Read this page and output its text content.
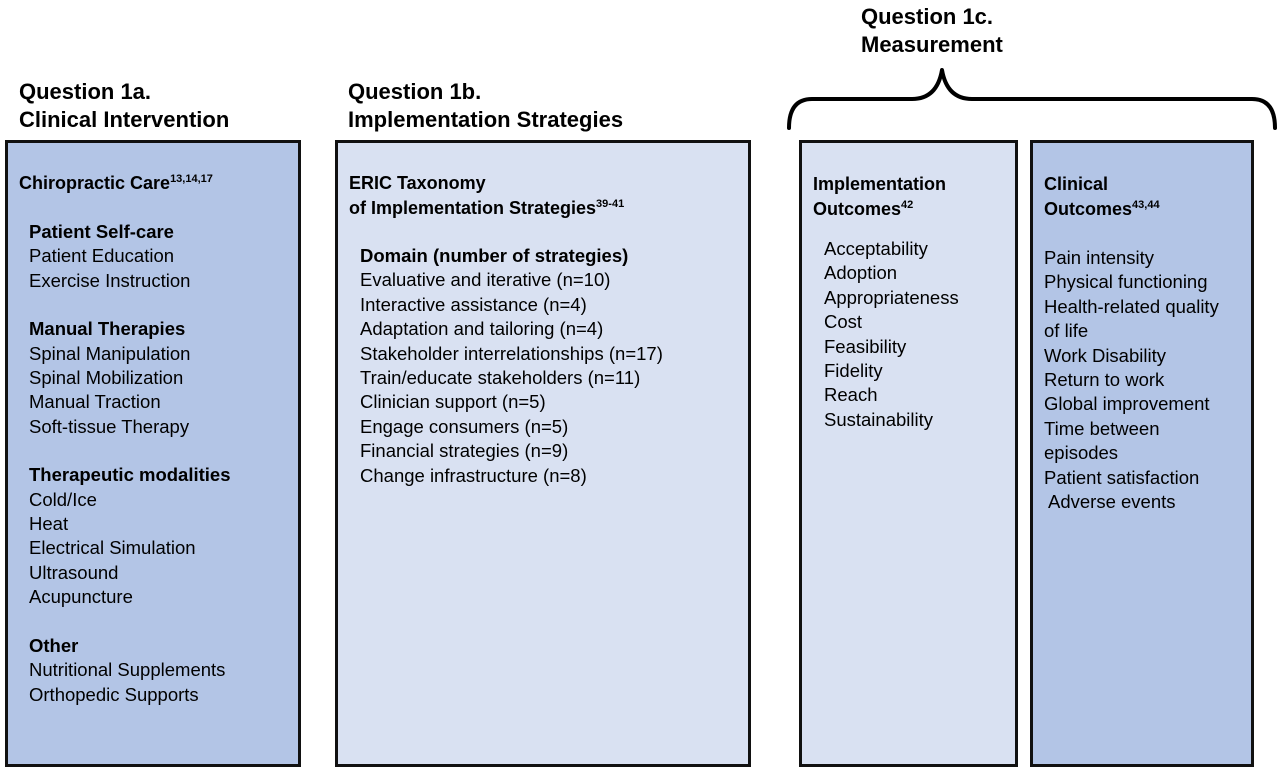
Question 1a.
Clinical Intervention
Question 1b.
Implementation Strategies
Question 1c.
Measurement
Chiropractic Care$^{13,14,17}$
Patient Self-care
Patient Education
Exercise Instruction
Manual Therapies
Spinal Manipulation
Spinal Mobilization
Manual Traction
Soft-tissue Therapy
Therapeutic modalities
Cold/Ice
Heat
Electrical Simulation
Ultrasound
Acupuncture
Other
Nutritional Supplements
Orthopedic Supports
ERIC Taxonomy
of Implementation Strategies$^{39-41}$
Domain (number of strategies)
Evaluative and iterative (n=10)
Interactive assistance (n=4)
Adaptation and tailoring (n=4)
Stakeholder interrelationships (n=17)
Train/educate stakeholders (n=11)
Clinician support (n=5)
Engage consumers (n=5)
Financial strategies (n=9)
Change infrastructure (n=8)
Implementation
Outcomes$^{42}$
Acceptability
Adoption
Appropriateness
Cost
Feasibility
Fidelity
Reach
Sustainability
Clinical
Outcomes$^{43,44}$
Pain intensity
Physical functioning
Health-related quality
of life
Work Disability
Return to work
Global improvement
Time between
episodes
Patient satisfaction
Adverse events
